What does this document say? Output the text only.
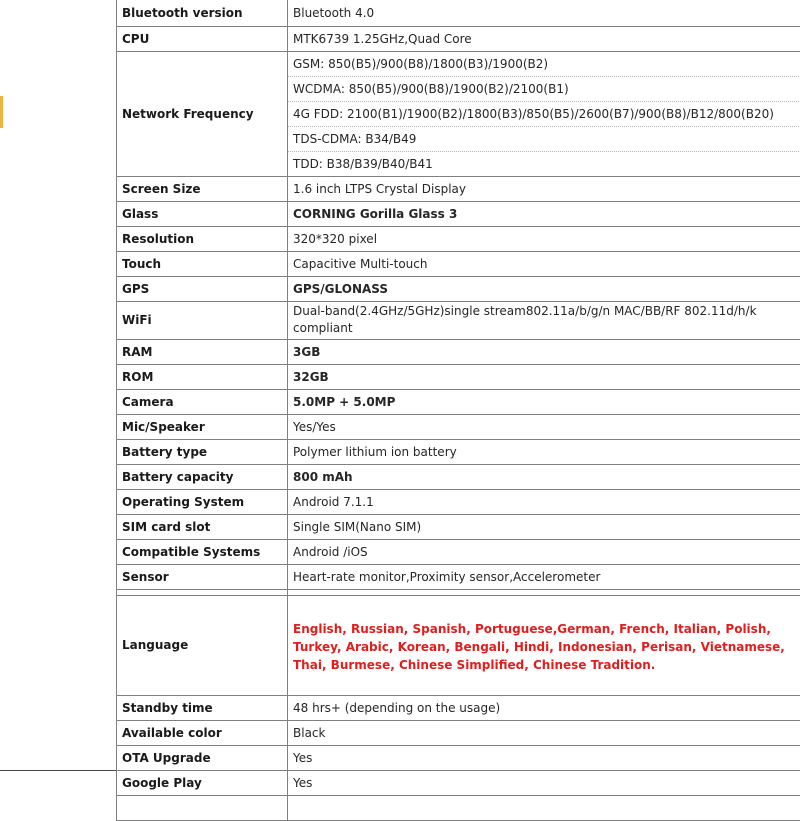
Bluetooth version	Bluetooth 4.0
CPU	MTK6739 1.25GHz,Quad Core
Network Frequency	GSM: 850(B5)/900(B8)/1800(B3)/1900(B2)
	WCDMA: 850(B5)/900(B8)/1900(B2)/2100(B1)
	4G FDD: 2100(B1)/1900(B2)/1800(B3)/850(B5)/2600(B7)/900(B8)/B12/800(B20)
	TDS-CDMA: B34/B49
	TDD: B38/B39/B40/B41
Screen Size	1.6 inch LTPS Crystal Display
Glass	CORNING Gorilla Glass 3
Resolution	320*320 pixel
Touch	Capacitive Multi-touch
GPS	GPS/GLONASS
WiFi	Dual-band(2.4GHz/5GHz)single stream802.11a/b/g/n MAC/BB/RF 802.11d/h/k compliant
RAM	3GB
ROM	32GB
Camera	5.0MP + 5.0MP
Mic/Speaker	Yes/Yes
Battery type	Polymer lithium ion battery
Battery capacity	800 mAh
Operating System	Android 7.1.1
SIM card slot	Single SIM(Nano SIM)
Compatible Systems	Android /iOS
Sensor	Heart-rate monitor,Proximity sensor,Accelerometer

Language	English, Russian, Spanish, Portuguese,German, French, Italian, Polish, Turkey, Arabic, Korean, Bengali, Hindi, Indonesian, Perisan, Vietnamese, Thai, Burmese, Chinese Simplified, Chinese Tradition.
Standby time	48 hrs+ (depending on the usage)
Available color	Black
OTA Upgrade	Yes
Google Play	Yes
